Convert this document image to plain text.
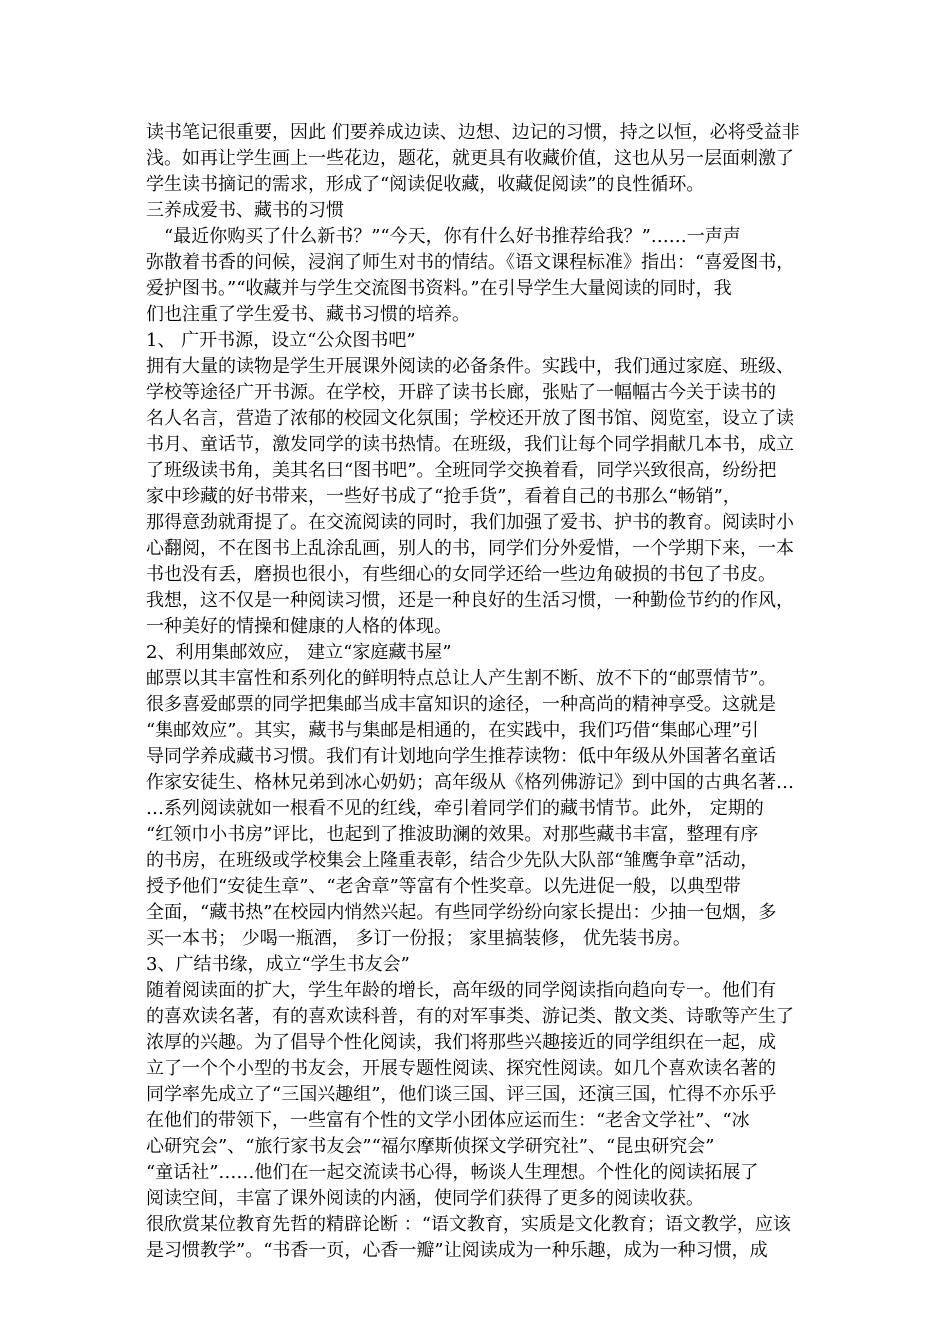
读书笔记很重要，因此 们要养成边读、边想、边记的习惯，持之以恒，必将受益非
浅。如再让学生画上一些花边，题花，就更具有收藏价值，这也从另一层面刺激了
学生读书摘记的需求，形成了“阅读促收藏，收藏促阅读”的良性循环。
三养成爱书、藏书的习惯
　“最近你购买了什么新书？”“今天，你有什么好书推荐给我？”……一声声
弥散着书香的问候，浸润了师生对书的情结。《语文课程标准》指出：“喜爱图书，
爱护图书。”“收藏并与学生交流图书资料。”在引导学生大量阅读的同时，我
们也注重了学生爱书、藏书习惯的培养。
1、 广开书源，设立“公众图书吧”
拥有大量的读物是学生开展课外阅读的必备条件。实践中，我们通过家庭、班级、
学校等途径广开书源。在学校，开辟了读书长廊，张贴了一幅幅古今关于读书的
名人名言，营造了浓郁的校园文化氛围；学校还开放了图书馆、阅览室，设立了读
书月、童话节，激发同学的读书热情。在班级，我们让每个同学捐献几本书，成立
了班级读书角，美其名曰“图书吧”。全班同学交换着看，同学兴致很高，纷纷把
家中珍藏的好书带来，一些好书成了“抢手货”，看着自己的书那么“畅销”，
那得意劲就甭提了。在交流阅读的同时，我们加强了爱书、护书的教育。阅读时小
心翻阅，不在图书上乱涂乱画，别人的书，同学们分外爱惜，一个学期下来，一本
书也没有丢，磨损也很小，有些细心的女同学还给一些边角破损的书包了书皮。
我想，这不仅是一种阅读习惯，还是一种良好的生活习惯，一种勤俭节约的作风，
一种美好的情操和健康的人格的体现。
2、利用集邮效应， 建立“家庭藏书屋”
邮票以其丰富性和系列化的鲜明特点总让人产生割不断、放不下的“邮票情节”。
很多喜爱邮票的同学把集邮当成丰富知识的途径，一种高尚的精神享受。这就是
“集邮效应”。其实，藏书与集邮是相通的，在实践中，我们巧借“集邮心理”引
导同学养成藏书习惯。我们有计划地向学生推荐读物：低中年级从外国著名童话
作家安徒生、格林兄弟到冰心奶奶；高年级从《格列佛游记》到中国的古典名著…
…系列阅读就如一根看不见的红线，牵引着同学们的藏书情节。此外， 定期的
“红领巾小书房”评比，也起到了推波助澜的效果。对那些藏书丰富，整理有序
的书房，在班级或学校集会上隆重表彰，结合少先队大队部“雏鹰争章”活动，
授予他们“安徒生章”、“老舍章”等富有个性奖章。以先进促一般，以典型带
全面，“藏书热”在校园内悄然兴起。有些同学纷纷向家长提出：少抽一包烟，多
买一本书； 少喝一瓶酒， 多订一份报； 家里搞装修， 优先装书房。
3、广结书缘，成立“学生书友会”
随着阅读面的扩大，学生年龄的增长，高年级的同学阅读指向趋向专一。他们有
的喜欢读名著，有的喜欢读科普，有的对军事类、游记类、散文类、诗歌等产生了
浓厚的兴趣。为了倡导个性化阅读，我们将那些兴趣接近的同学组织在一起，成
立了一个个小型的书友会，开展专题性阅读、探究性阅读。如几个喜欢读名著的
同学率先成立了“三国兴趣组”，他们谈三国、评三国，还演三国，忙得不亦乐乎
在他们的带领下，一些富有个性的文学小团体应运而生：“老舍文学社”、“冰
心研究会”、“旅行家书友会”“福尔摩斯侦探文学研究社”、“昆虫研究会”
“童话社”……他们在一起交流读书心得，畅谈人生理想。个性化的阅读拓展了
阅读空间，丰富了课外阅读的内涵，使同学们获得了更多的阅读收获。
很欣赏某位教育先哲的精辟论断 ：“语文教育，实质是文化教育；语文教学，应该
是习惯教学”。“书香一页，心香一瓣”让阅读成为一种乐趣，成为一种习惯，成
